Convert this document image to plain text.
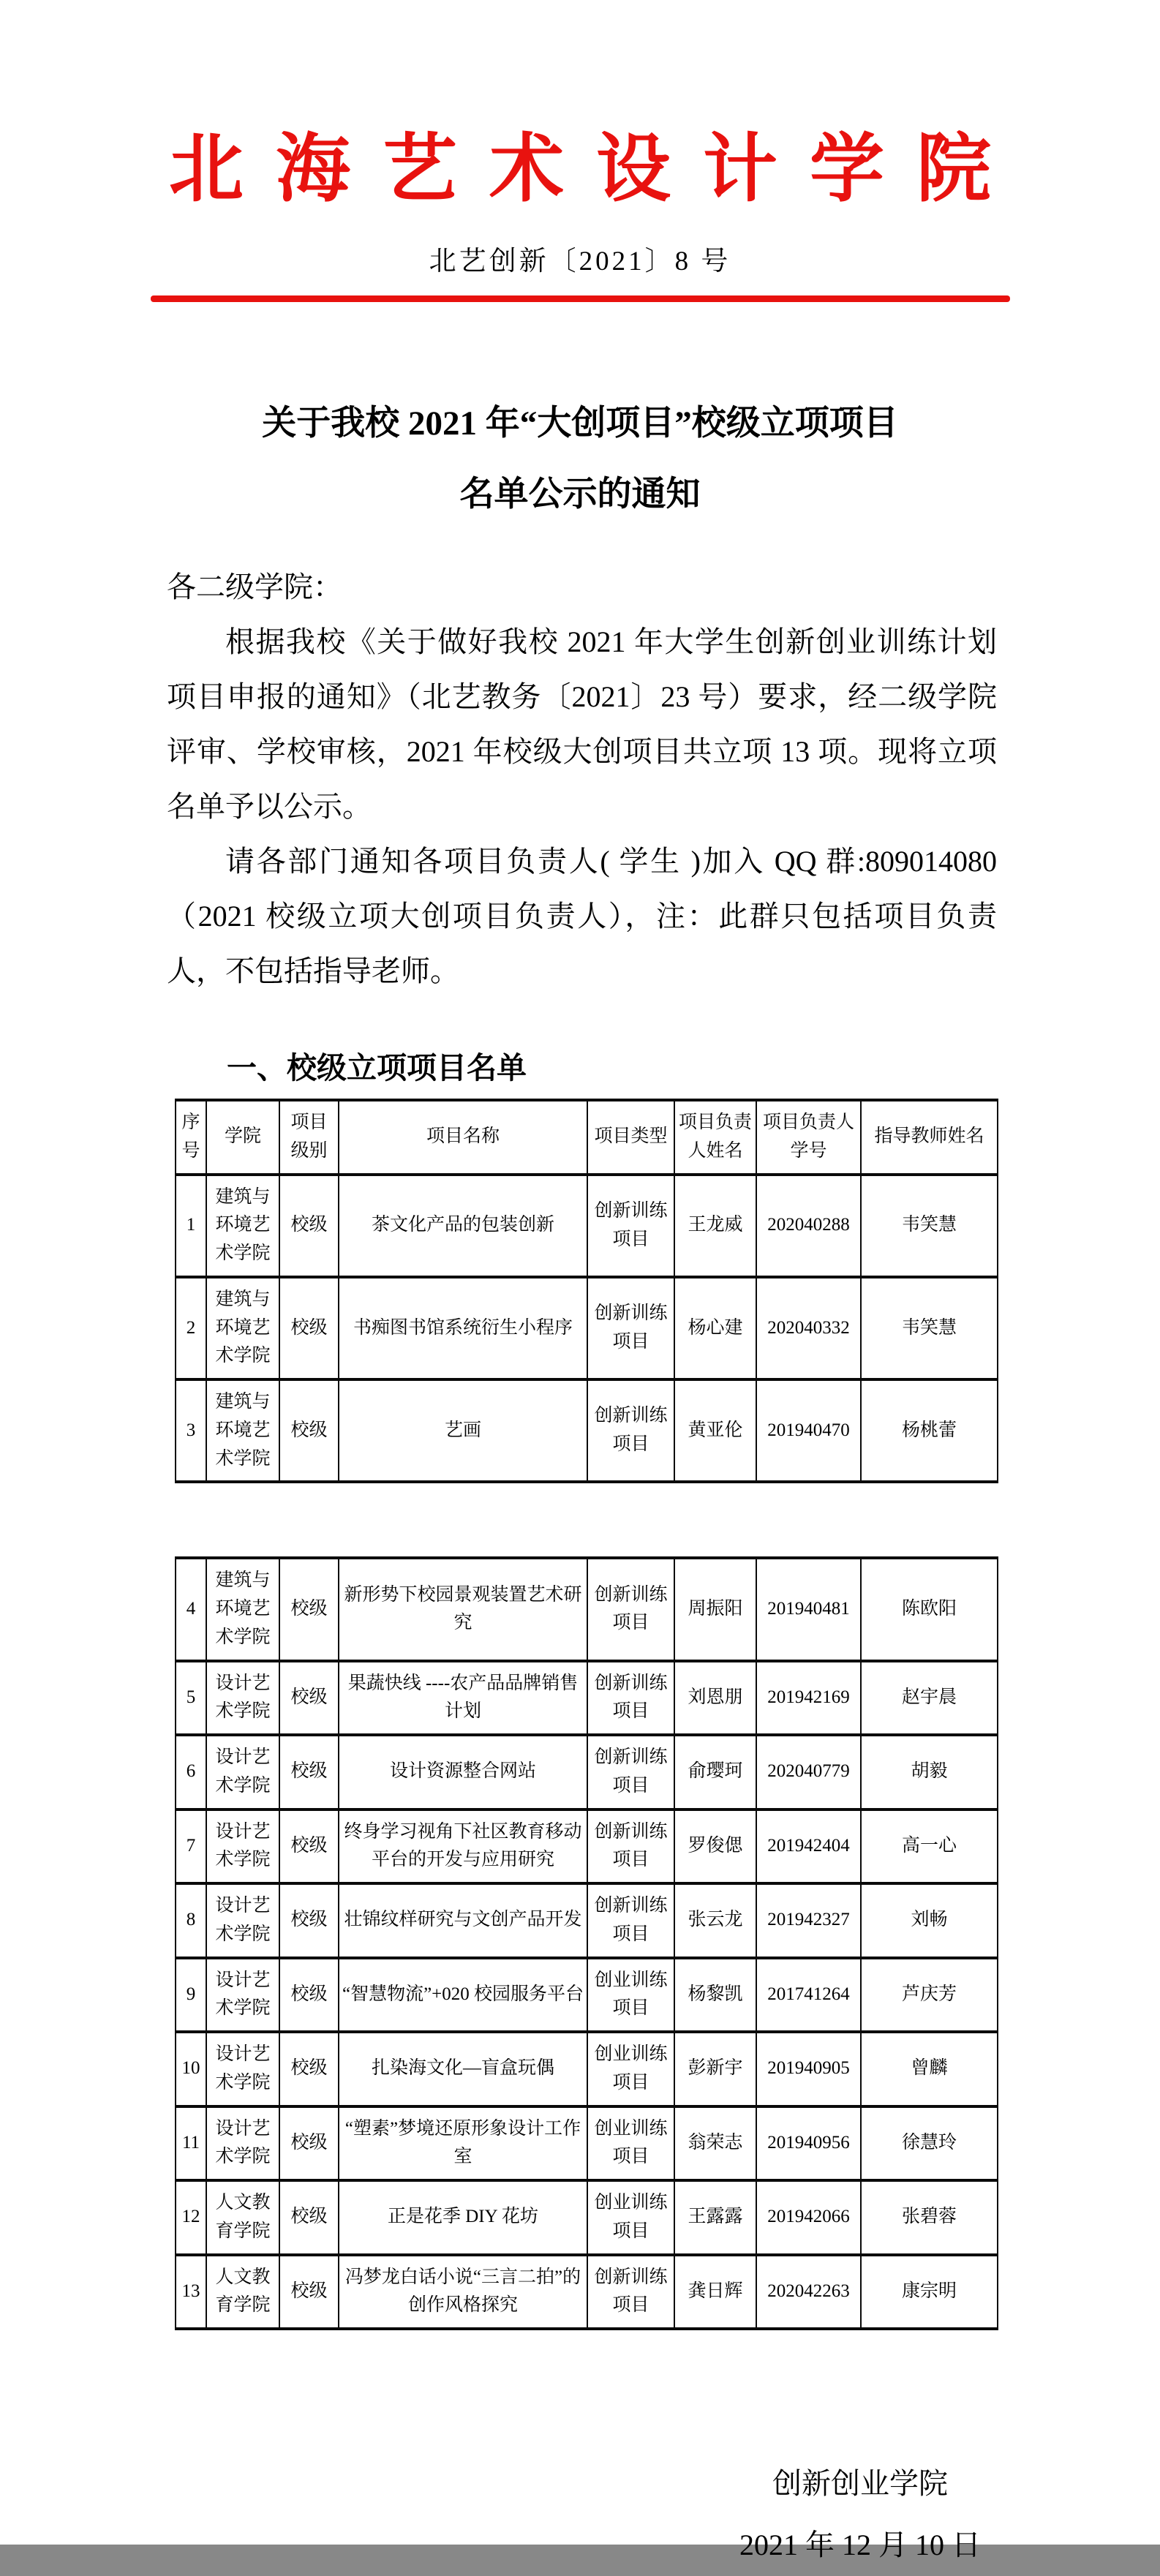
北海艺术设计学院
北艺创新〔2021〕8 号
关于我校 2021 年“大创项目”校级立项项目
名单公示的通知

各二级学院：

根据我校《关于做好我校 2021 年大学生创新创业训练计划项目申报的通知》（北艺教务〔2021〕23 号）要求，经二级学院评审、学校审核，2021 年校级大创项目共立项 13 项。现将立项名单予以公示。

请各部门通知各项目负责人( 学生 )加入 QQ 群:809014080（2021 校级立项大创项目负责人），注：此群只包括项目负责人，不包括指导老师。

一、校级立项项目名单
序号	学院	项目级别	项目名称	项目类型	项目负责人姓名	项目负责人学号	指导教师姓名
1	建筑与环境艺术学院	校级	茶文化产品的包装创新	创新训练项目	王龙威	202040288	韦笑慧
2	建筑与环境艺术学院	校级	书痴图书馆系统衍生小程序	创新训练项目	杨心建	202040332	韦笑慧
3	建筑与环境艺术学院	校级	艺画	创新训练项目	黄亚伦	201940470	杨桃蕾
4	建筑与环境艺术学院	校级	新形势下校园景观装置艺术研究	创新训练项目	周振阳	201940481	陈欧阳
5	设计艺术学院	校级	果蔬快线 ----农产品品牌销售计划	创新训练项目	刘恩朋	201942169	赵宇晨
6	设计艺术学院	校级	设计资源整合网站	创新训练项目	俞璎珂	202040779	胡毅
7	设计艺术学院	校级	终身学习视角下社区教育移动平台的开发与应用研究	创新训练项目	罗俊偲	201942404	高一心
8	设计艺术学院	校级	壮锦纹样研究与文创产品开发	创新训练项目	张云龙	201942327	刘畅
9	设计艺术学院	校级	“智慧物流”+020 校园服务平台	创业训练项目	杨黎凯	201741264	芦庆芳
10	设计艺术学院	校级	扎染海文化—盲盒玩偶	创业训练项目	彭新宇	201940905	曾麟
11	设计艺术学院	校级	“塑素”梦境还原形象设计工作室	创业训练项目	翁荣志	201940956	徐慧玲
12	人文教育学院	校级	正是花季 DIY 花坊	创业训练项目	王露露	201942066	张碧蓉
13	人文教育学院	校级	冯梦龙白话小说“三言二拍”的创作风格探究	创新训练项目	龚日辉	202042263	康宗明
创新创业学院
2021 年 12 月 10 日
